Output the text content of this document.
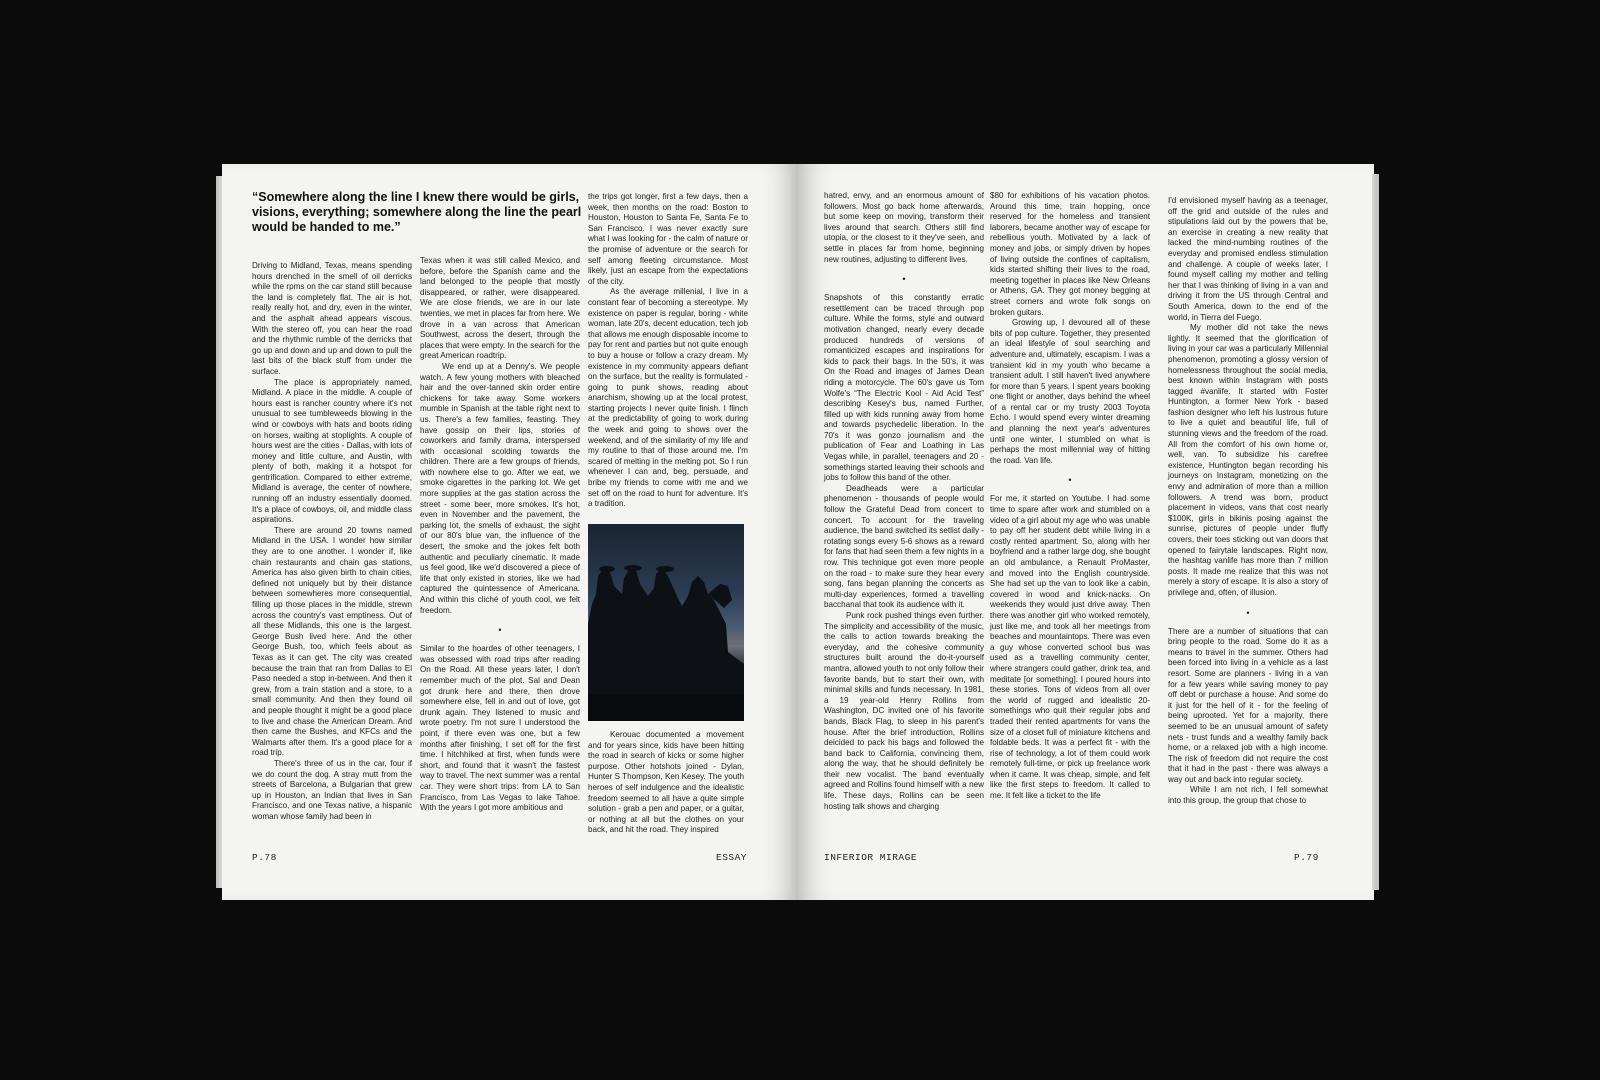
“Somewhere along the line I knew there would be girls, visions, everything; somewhere along the line the pearl would be handed to me.”

Driving to Midland, Texas, means spending hours drenched in the smell of oil derricks while the rpms on the car stand still because the land is completely flat. The air is hot, really really hot, and dry, even in the winter, and the asphalt ahead appears viscous. With the stereo off, you can hear the road and the rhythmic rumble of the derricks that go up and down and up and down to pull the last bits of the black stuff from under the surface.

The place is appropriately named, Midland. A place in the middle. A couple of hours east is rancher country where it's not unusual to see tumbleweeds blowing in the wind or cowboys with hats and boots riding on horses, waiting at stoplights. A couple of hours west are the cities - Dallas, with lots of money and little culture, and Austin, with plenty of both, making it a hotspot for gentrification. Compared to either extreme, Midland is average, the center of nowhere, running off an industry essentially doomed. It's a place of cowboys, oil, and middle class aspirations.

There are around 20 towns named Midland in the USA. I wonder how similar they are to one another. I wonder if, like chain restaurants and chain gas stations, America has also given birth to chain cities, defined not uniquely but by their distance between somewheres more consequential, filling up those places in the middle, strewn across the country's vast emptiness. Out of all these Midlands, this one is the largest. George Bush lived here. And the other George Bush, too, which feels about as Texas as it can get. The city was created because the train that ran from Dallas to El Paso needed a stop in-between. And then it grew, from a train station and a store, to a small community. And then they found oil and people thought it might be a good place to live and chase the American Dream. And then came the Bushes, and KFCs and the Walmarts after them. It's a good place for a road trip.

There's three of us in the car, four if we do count the dog. A stray mutt from the streets of Barcelona, a Bulgarian that grew up in Houston, an Indian that lives in San Francisco, and one Texas native, a hispanic woman whose family had been in

Texas when it was still called Mexico, and before, before the Spanish came and the land belonged to the people that mostly disappeared, or rather, were disappeared. We are close friends, we are in our late twenties, we met in places far from here. We drove in a van across that American Southwest, across the desert, through the places that were empty. In the search for the great American roadtrip.

We end up at a Denny's. We people watch. A few young mothers with bleached hair and the over-tanned skin order entire chickens for take away. Some workers mumble in Spanish at the table right next to us. There's a few families, feasting. They have gossip on their lips, stories of coworkers and family drama, interspersed with occasional scolding towards the children. There are a few groups of friends, with nowhere else to go. After we eat, we smoke cigarettes in the parking lot. We get more supplies at the gas station across the street - some beer, more smokes. It's hot, even in November and the pavement, the parking lot, the smells of exhaust, the sight of our 80's blue van, the influence of the desert, the smoke and the jokes felt both authentic and peculiarly cinematic. It made us feel good, like we'd discovered a piece of life that only existed in stories, like we had captured the quintessence of Americana. And within this cliché of youth cool, we felt freedom.

•

Similar to the hoardes of other teenagers, I was obsessed with road trips after reading On the Road. All these years later, I don't remember much of the plot. Sal and Dean got drunk here and there, then drove somewhere else, fell in and out of love, got drunk again. They listened to music and wrote poetry. I'm not sure I understood the point, if there even was one, but a few months after finishing, I set off for the first time. I hitchhiked at first, when funds were short, and found that it wasn't the fastest way to travel. The next summer was a rental car. They were short trips: from LA to San Francisco, from Las Vegas to lake Tahoe. With the years I got more ambitious and

the trips got longer, first a few days, then a week, then months on the road: Boston to Houston, Houston to Santa Fe, Santa Fe to San Francisco. I was never exactly sure what I was looking for - the calm of nature or the promise of adventure or the search for self among fleeting circumstance. Most likely, just an escape from the expectations of the city.

As the average millenial, I live in a constant fear of becoming a stereotype. My existence on paper is regular, boring - white woman, late 20's, decent education, tech job that allows me enough disposable income to pay for rent and parties but not quite enough to buy a house or follow a crazy dream. My existence in my community appears defiant on the surface, but the reality is formulated - going to punk shows, reading about anarchism, showing up at the local protest, starting projects I never quite finish. I flinch at the predictability of going to work during the week and going to shows over the weekend, and of the similarity of my life and my routine to that of those around me. I'm scared of melting in the melting pot. So I run whenever I can and, beg, persuade, and bribe my friends to come with me and we set off on the road to hunt for adventure. It's a tradition.

Kerouac documented a movement and for years since, kids have been hitting the road in search of kicks or some higher purpose. Other hotshots joined - Dylan, Hunter S Thompson, Ken Kesey. The youth heroes of self indulgence and the idealistic freedom seemed to all have a quite simple solution - grab a pen and paper, or a guitar, or nothing at all but the clothes on your back, and hit the road. They inspired

P.78	ESSAY

hatred, envy, and an enormous amount of followers. Most go back home afterwards, but some keep on moving, transform their lives around that search. Others still find utopia, or the closest to it they've seen, and settle in places far from home, beginning new routines, adjusting to different lives.

•

Snapshots of this constantly erratic resettlement can be traced through pop culture. While the forms, style and outward motivation changed, nearly every decade produced hundreds of versions of romanticized escapes and inspirations for kids to pack their bags. In the 50's, it was On the Road and images of James Dean riding a motorcycle. The 60's gave us Tom Wolfe's “The Electric Kool - Aid Acid Test” describing Kesey's bus, named Further, filled up with kids running away from home and towards psychedelic liberation. In the 70's it was gonzo journalism and the publication of Fear and Loathing in Las Vegas while, in parallel, teenagers and 20 - somethings started leaving their schools and jobs to follow this band of the other.

Deadheads were a particular phenomenon - thousands of people would follow the Grateful Dead from concert to concert. To account for the traveling audience, the band switched its setlist daily - rotating songs every 5-6 shows as a reward for fans that had seen them a few nights in a row. This technique got even more people on the road - to make sure they hear every song, fans began planning the concerts as multi-day experiences, formed a travelling bacchanal that took its audience with it.

Punk rock pushed things even further. The simplicity and accessibility of the music, the calls to action towards breaking the everyday, and the cohesive community structures built around the do-it-yourself mantra, allowed youth to not only follow their favorite bands, but to start their own, with minimal skills and funds necessary. In 1981, a 19 year-old Henry Rollins from Washington, DC invited one of his favorite bands, Black Flag, to sleep in his parent's house. After the brief introduction, Rollins deicided to pack his bags and followed the band back to California, convincing them, along the way, that he should definitely be their new vocalist. The band eventually agreed and Rollins found himself with a new life. These days, Rollins can be seen hosting talk shows and charging

$80 for exhibitions of his vacation photos. Around this time, train hopping, once reserved for the homeless and transient laborers, became another way of escape for rebellious youth. Motivated by a lack of money and jobs, or simply driven by hopes of living outside the confines of capitalism, kids started shifting their lives to the road, meeting together in places like New Orleans or Athens, GA. They got money begging at street corners and wrote folk songs on broken guitars.

Growing up, I devoured all of these bits of pop culture. Together, they presented an ideal lifestyle of soul searching and adventure and, ultimately, escapism. I was a transient kid in my youth who became a transient adult. I still haven't lived anywhere for more than 5 years. I spent years booking one flight or another, days behind the wheel of a rental car or my trusty 2003 Toyota Echo. I would spend every winter dreaming and planning the next year's adventures until one winter, I stumbled on what is perhaps the most millennial way of hitting the road. Van life.

•

For me, it started on Youtube. I had some time to spare after work and stumbled on a video of a girl about my age who was unable to pay off her student debt while living in a costly rented apartment. So, along with her boyfriend and a rather large dog, she bought an old ambulance, a Renault ProMaster, and moved into the English countryside. She had set up the van to look like a cabin, covered in wood and knick-nacks. On weekends they would just drive away. Then there was another girl who worked remotely, just like me, and took all her meetings from beaches and mountaintops. There was even a guy whose converted school bus was used as a travelling community center, where strangers could gather, drink tea, and meditate [or something]. I poured hours into these stories. Tons of videos from all over the world of rugged and idealistic 20-somethings who quit their regular jobs and traded their rented apartments for vans the size of a closet full of miniature kitchens and foldable beds. It was a perfect fit - with the rise of technology, a lot of them could work remotely full-time, or pick up freelance work when it came. It was cheap, simple, and felt like the first steps to freedom. It called to me. It felt like a ticket to the life

I'd envisioned myself having as a teenager, off the grid and outside of the rules and stipulations laid out by the powers that be, an exercise in creating a new reality that lacked the mind-numbing routines of the everyday and promised endless stimulation and challenge. A couple of weeks later, I found myself calling my mother and telling her that I was thinking of living in a van and driving it from the US through Central and South America, down to the end of the world, in Tierra del Fuego.

My mother did not take the news lightly. It seemed that the glorification of living in your car was a particularly Millennial phenomenon, promoting a glossy version of homelessness throughout the social media, best known within Instagram with posts tagged #vanlife. It started with Foster Huntington, a former New York - based fashion designer who left his lustrous future to live a quiet and beautiful life, full of stunning views and the freedom of the road. All from the comfort of his own home or, well, van. To subsidize his carefree existence, Huntington began recording his journeys on Instagram, monetizing on the envy and admiration of more than a million followers. A trend was born, product placement in videos, vans that cost nearly $100K, girls in bikinis posing against the sunrise, pictures of people under fluffy covers, their toes sticking out van doors that opened to fairytale landscapes. Right now, the hashtag vanlife has more than 7 million posts. It made me realize that this was not merely a story of escape. It is also a story of privilege and, often, of illusion.

•

There are a number of situations that can bring people to the road. Some do it as a means to travel in the summer. Others had been forced into living in a vehicle as a last resort. Some are planners - living in a van for a few years while saving money to pay off debt or purchase a house. And some do it just for the hell of it - for the feeling of being uprooted. Yet for a majority, there seemed to be an unusual amount of safety nets - trust funds and a wealthy family back home, or a relaxed job with a high income. The risk of freedom did not require the cost that it had in the past - there was always a way out and back into regular society.

While I am not rich, I fell somewhat into this group, the group that chose to

INFERIOR MIRAGE	P.79
